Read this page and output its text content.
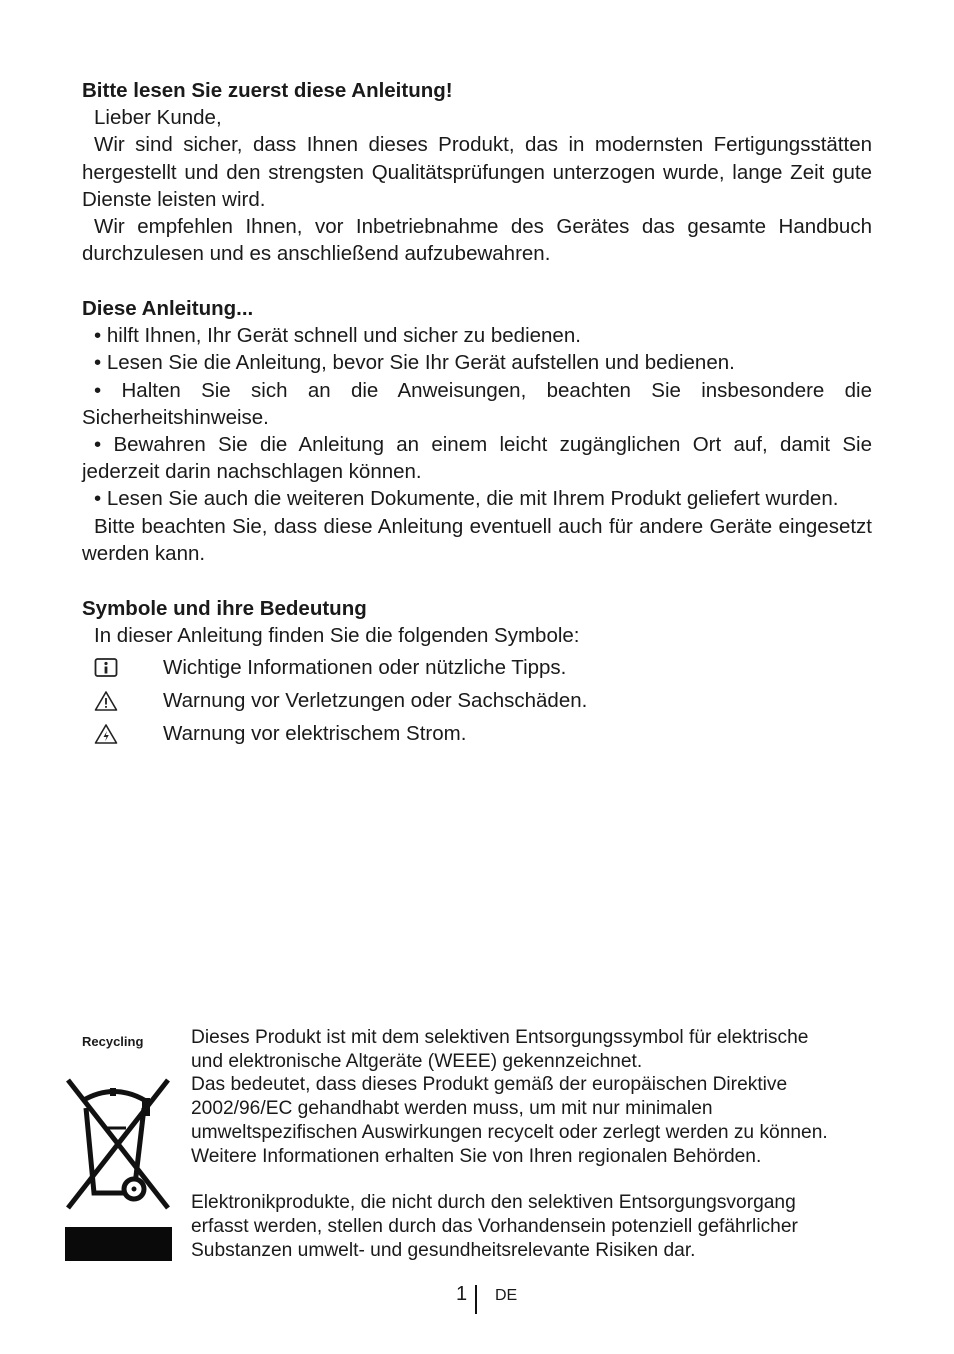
Bitte lesen Sie zuerst diese Anleitung!
Lieber Kunde,
Wir sind sicher, dass Ihnen dieses Produkt, das in modernsten Fertigungsstätten hergestellt und den strengsten Qualitätsprüfungen unterzogen wurde, lange Zeit gute Dienste leisten wird.
Wir empfehlen Ihnen, vor Inbetriebnahme des Gerätes das gesamte Handbuch durchzulesen und es anschließend aufzubewahren.
Diese Anleitung...
• hilft Ihnen, Ihr Gerät schnell und sicher zu bedienen.
• Lesen Sie die Anleitung, bevor Sie Ihr Gerät aufstellen und bedienen.
• Halten Sie sich an die Anweisungen, beachten Sie insbesondere die Sicherheitshinweise.
• Bewahren Sie die Anleitung an einem leicht zugänglichen Ort auf, damit Sie jederzeit darin nachschlagen können.
• Lesen Sie auch die weiteren Dokumente, die mit Ihrem Produkt geliefert wurden.
Bitte beachten Sie, dass diese Anleitung eventuell auch für andere Geräte eingesetzt werden kann.
Symbole und ihre Bedeutung
In dieser Anleitung finden Sie die folgenden Symbole:
Wichtige Informationen oder nützliche Tipps.
Warnung vor Verletzungen oder Sachschäden.
Warnung vor elektrischem Strom.
Recycling Dieses Produkt ist mit dem selektiven Entsorgungssymbol für elektrische
und elektronische Altgeräte (WEEE) gekennzeichnet.
Das bedeutet, dass dieses Produkt gemäß der europäischen Direktive
2002/96/EC gehandhabt werden muss, um mit nur minimalen
umweltspezifischen Auswirkungen recycelt oder zerlegt werden zu können.
Weitere Informationen erhalten Sie von Ihren regionalen Behörden.
Elektronikprodukte, die nicht durch den selektiven Entsorgungsvorgang
erfasst werden, stellen durch das Vorhandensein potenziell gefährlicher
Substanzen umwelt- und gesundheitsrelevante Risiken dar.
1 DE
